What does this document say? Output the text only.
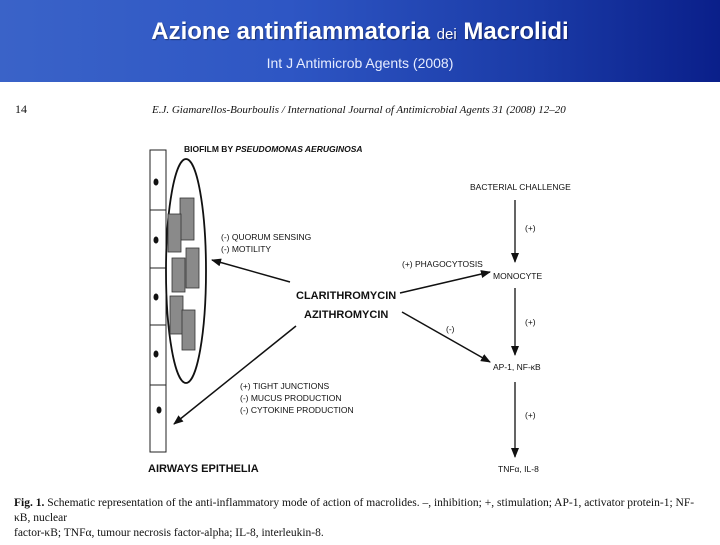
Azione antinfiammatoria dei Macrolidi
Int J Antimicrob Agents (2008)
14	E.J. Giamarellos-Bourboulis / International Journal of Antimicrobial Agents 31 (2008) 12–20
BIOFILM BY PSEUDOMONAS AERUGINOSA
(-) QUORUM SENSING
(-) MOTILITY
CLARITHROMYCIN
AZITHROMYCIN
(+) PHAGOCYTOSIS
(-)
(+) TIGHT JUNCTIONS
(-) MUCUS PRODUCTION
(-) CYTOKINE PRODUCTION
AIRWAYS EPITHELIA
BACTERIAL CHALLENGE
(+)
MONOCYTE
(+)
AP-1, NF-κB
(+)
TNFα, IL-8
Fig. 1. Schematic representation of the anti-inflammatory mode of action of macrolides. –, inhibition; +, stimulation; AP-1, activator protein-1; NF-κB, nuclear
factor-κB; TNFα, tumour necrosis factor-alpha; IL-8, interleukin-8.
